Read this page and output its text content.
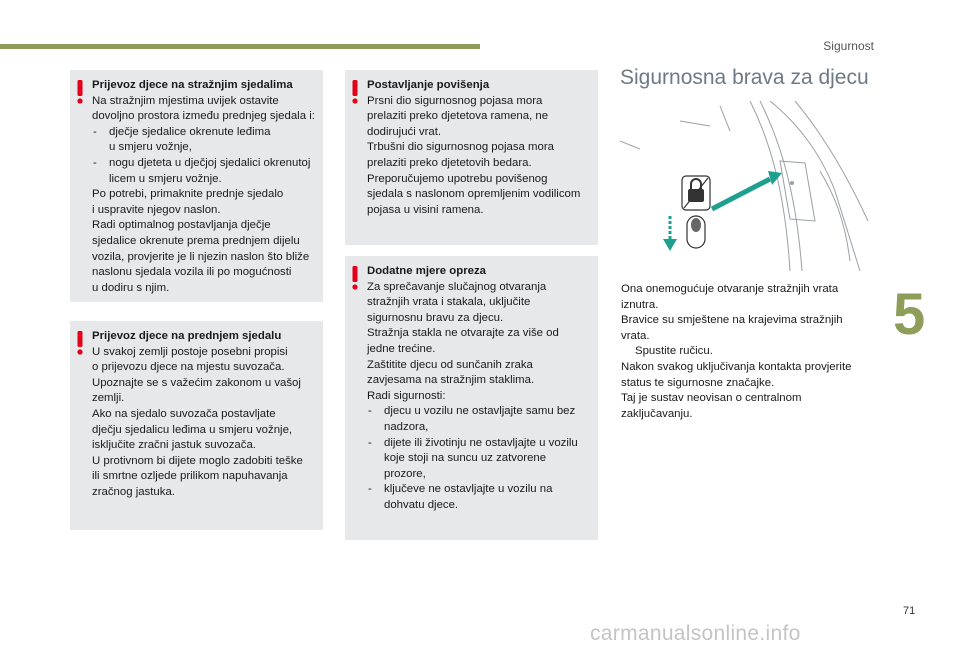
Sigurnost
5
Prijevoz djece na stražnjim sjedalima

Na stražnjim mjestima uvijek ostavite
dovoljno prostora između prednjeg sjedala i:

- dječje sjedalice okrenute leđima
u smjeru vožnje,

- nogu djeteta u dječjoj sjedalici okrenutoj
licem u smjeru vožnje.

Po potrebi, primaknite prednje sjedalo
i uspravite njegov naslon.
Radi optimalnog postavljanja dječje
sjedalice okrenute prema prednjem dijelu
vozila, provjerite je li njezin naslon što bliže
naslonu sjedala vozila ili po mogućnosti
u dodiru s njim.

Prijevoz djece na prednjem sjedalu

U svakoj zemlji postoje posebni propisi
o prijevozu djece na mjestu suvozača.
Upoznajte se s važećim zakonom u vašoj
zemlji.
Ako na sjedalo suvozača postavljate
dječju sjedalicu leđima u smjeru vožnje,
isključite zračni jastuk suvozača.
U protivnom bi dijete moglo zadobiti teške
ili smrtne ozljede prilikom napuhavanja
zračnog jastuka.

Postavljanje povišenja

Prsni dio sigurnosnog pojasa mora
prelaziti preko djetetova ramena, ne
dodirujući vrat.
Trbušni dio sigurnosnog pojasa mora
prelaziti preko djetetovih bedara.
Preporučujemo upotrebu povišenog
sjedala s naslonom opremljenim vodilicom
pojasa u visini ramena.

Dodatne mjere opreza

Za sprečavanje slučajnog otvaranja
stražnjih vrata i stakala, uključite
sigurnosnu bravu za djecu.
Stražnja stakla ne otvarajte za više od
jedne trećine.
Zaštitite djecu od sunčanih zraka
zavjesama na stražnjim staklima.
Radi sigurnosti:

- djecu u vozilu ne ostavljajte samu bez
nadzora,

- dijete ili životinju ne ostavljajte u vozilu
koje stoji na suncu uz zatvorene
prozore,

- ključeve ne ostavljajte u vozilu na
dohvatu djece.

Sigurnosna brava za djecu

Ona onemogućuje otvaranje stražnjih vrata
iznutra.
Bravice su smještene na krajevima stražnjih
vrata.

Spustite ručicu.

Nakon svakog uključivanja kontakta provjerite
status te sigurnosne značajke.
Taj je sustav neovisan o centralnom
zaključavanju.

71
carmanualsonline.info
